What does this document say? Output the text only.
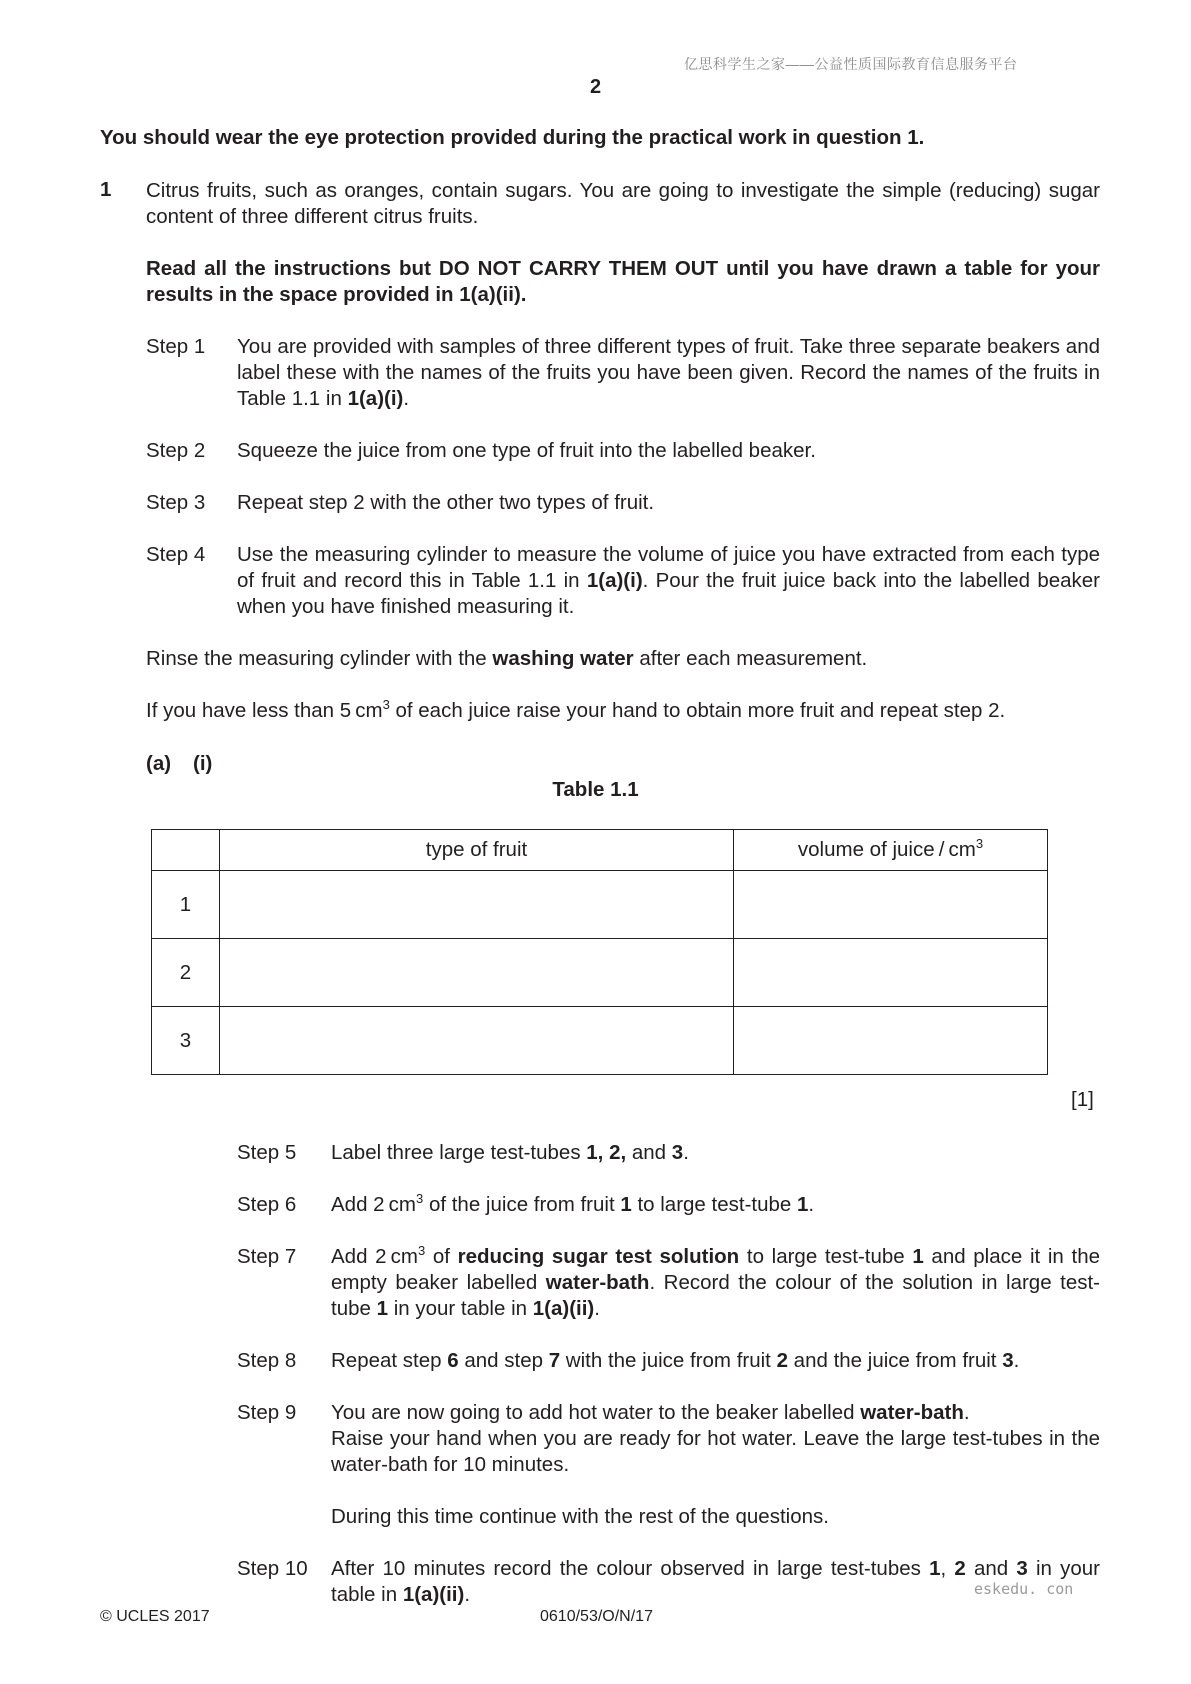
亿思科学生之家——公益性质国际教育信息服务平台
2
You should wear the eye protection provided during the practical work in question 1.
1 Citrus fruits, such as oranges, contain sugars. You are going to investigate the simple (reducing) sugar content of three different citrus fruits.
Read all the instructions but DO NOT CARRY THEM OUT until you have drawn a table for your results in the space provided in 1(a)(ii).
Step 1 You are provided with samples of three different types of fruit. Take three separate beakers and label these with the names of the fruits you have been given. Record the names of the fruits in Table 1.1 in 1(a)(i).
Step 2 Squeeze the juice from one type of fruit into the labelled beaker.
Step 3 Repeat step 2 with the other two types of fruit.
Step 4 Use the measuring cylinder to measure the volume of juice you have extracted from each type of fruit and record this in Table 1.1 in 1(a)(i). Pour the fruit juice back into the labelled beaker when you have finished measuring it.
Rinse the measuring cylinder with the washing water after each measurement.
If you have less than 5 $cm^3$ of each juice raise your hand to obtain more fruit and repeat step 2.
(a) (i)
Table 1.1
	type of fruit	volume of juice / $cm^3$
1		
2		
3		
[1]
Step 5 Label three large test-tubes 1, 2, and 3.
Step 6 Add 2 $cm^3$ of the juice from fruit 1 to large test-tube 1.
Step 7 Add 2 $cm^3$ of reducing sugar test solution to large test-tube 1 and place it in the empty beaker labelled water-bath. Record the colour of the solution in large test-tube 1 in your table in 1(a)(ii).
Step 8 Repeat step 6 and step 7 with the juice from fruit 2 and the juice from fruit 3.
Step 9 You are now going to add hot water to the beaker labelled water-bath.
Raise your hand when you are ready for hot water. Leave the large test-tubes in the water-bath for 10 minutes.
During this time continue with the rest of the questions.
Step 10 After 10 minutes record the colour observed in large test-tubes 1, 2 and 3 in your table in 1(a)(ii).	eskedu. con
© UCLES 2017	0610/53/O/N/17
